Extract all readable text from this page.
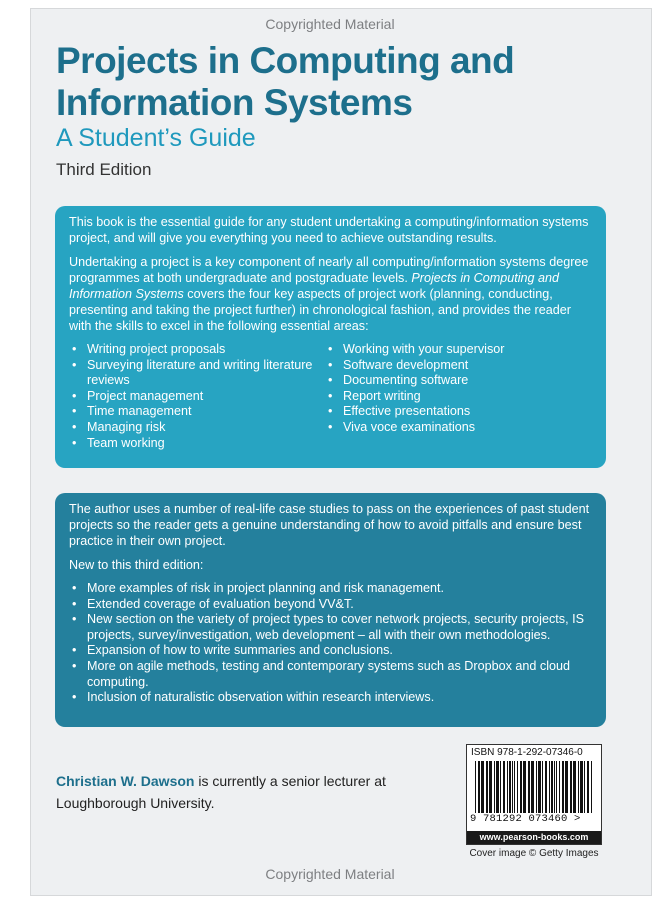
Copyrighted Material
Projects in Computing and
Information Systems
A Student’s Guide
Third Edition

This book is the essential guide for any student undertaking a computing/information systems project, and will give you everything you need to achieve outstanding results.

Undertaking a project is a key component of nearly all computing/information systems degree programmes at both undergraduate and postgraduate levels. Projects in Computing and Information Systems covers the four key aspects of project work (planning, conducting, presenting and taking the project further) in chronological fashion, and provides the reader with the skills to excel in the following essential areas:

• Writing project proposals
• Surveying literature and writing literature reviews
• Project management
• Time management
• Managing risk
• Team working
• Working with your supervisor
• Software development
• Documenting software
• Report writing
• Effective presentations
• Viva voce examinations

The author uses a number of real-life case studies to pass on the experiences of past student projects so the reader gets a genuine understanding of how to avoid pitfalls and ensure best practice in their own project.

New to this third edition:

• More examples of risk in project planning and risk management.
• Extended coverage of evaluation beyond VV&T.
• New section on the variety of project types to cover network projects, security projects, IS projects, survey/investigation, web development – all with their own methodologies.
• Expansion of how to write summaries and conclusions.
• More on agile methods, testing and contemporary systems such as Dropbox and cloud computing.
• Inclusion of naturalistic observation within research interviews.
Christian W. Dawson is currently a senior lecturer at Loughborough University.
ISBN 978-1-292-07346-0
9 781292 073460 >
www.pearson-books.com
Cover image © Getty Images
Copyrighted Material
